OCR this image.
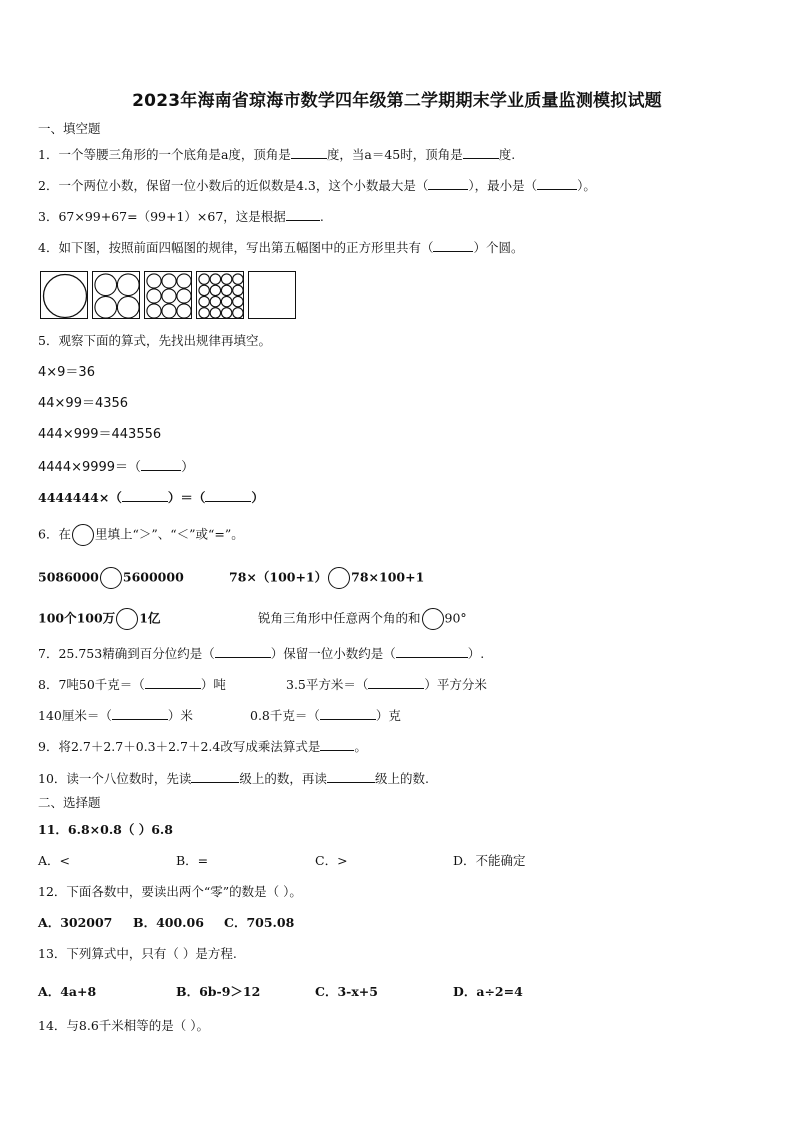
2023年海南省琼海市数学四年级第二学期期末学业质量监测模拟试题
一、填空题
1．一个等腰三角形的一个底角是a度，顶角是	度，当a＝45时，顶角是	度.
2．一个两位小数，保留一位小数后的近似数是4.3，这个小数最大是（	），最小是（	）。
3．67×99+67=（99+1）×67，这是根据	.
4．如下图，按照前面四幅图的规律，写出第五幅图中的正方形里共有（	）个圆。
5．观察下面的算式，先找出规律再填空。
4×9＝36
44×99＝4356
444×999＝443556
4444×9999＝（	）
4444444×（	）＝（	）
6．在 里填上“＞”、“＜”或“=”。
5086000 5600000	78×（100+1） 78×100+1
100个100万 1亿	锐角三角形中任意两个角的和 90°
7．25.753精确到百分位约是（	）保留一位小数约是（	）.
8．7吨50千克＝（	）吨	3.5平方米＝（	）平方分米
140厘米＝（	）米	0.8千克＝（	）克
9．将2.7＋2.7＋0.3＋2.7＋2.4改写成乘法算式是	。
10．读一个八位数时，先读	级上的数，再读	级上的数.
二、选择题
11．6.8×0.8（ ）6.8
A．<	B．=	C．>	D．不能确定
12．下面各数中，要读出两个“零”的数是（ ）。
A．302007 B．400.06 C．705.08
13．下列算式中，只有（ ）是方程.
A．4a+8	B．6b-9＞12	C．3-x+5	D．a÷2=4
14．与8.6千米相等的是（ ）。
